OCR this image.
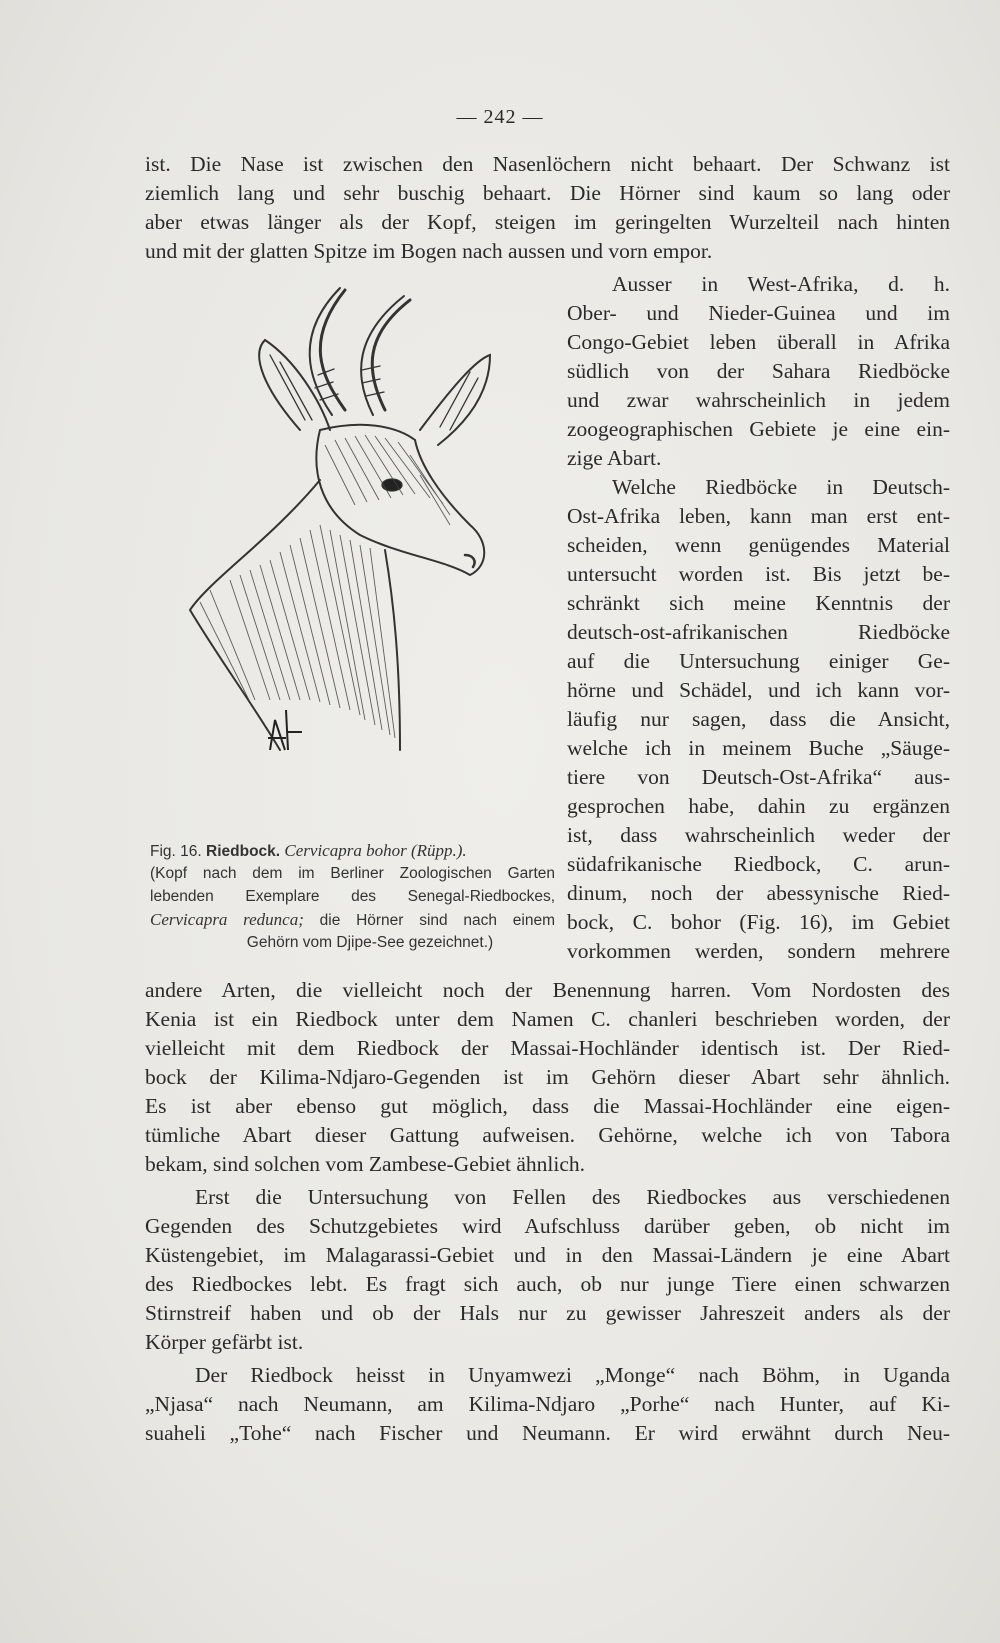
— 242 —
ist. Die Nase ist zwischen den Nasenlöchern nicht behaart. Der Schwanz ist
ziemlich lang und sehr buschig behaart. Die Hörner sind kaum so lang oder
aber etwas länger als der Kopf, steigen im geringelten Wurzelteil nach hinten
und mit der glatten Spitze im Bogen nach aussen und vorn empor.
Ausser in West-Afrika, d. h.
Ober- und Nieder-Guinea und im
Congo-Gebiet leben überall in Afrika
südlich von der Sahara Riedböcke
und zwar wahrscheinlich in jedem
zoogeographischen Gebiete je eine ein-
zige Abart.
Welche Riedböcke in Deutsch-
Ost-Afrika leben, kann man erst ent-
scheiden, wenn genügendes Material
untersucht worden ist. Bis jetzt be-
schränkt sich meine Kenntnis der
deutsch-ost-afrikanischen Riedböcke
auf die Untersuchung einiger Ge-
hörne und Schädel, und ich kann vor-
läufig nur sagen, dass die Ansicht,
welche ich in meinem Buche „Säuge-
tiere von Deutsch-Ost-Afrika“ aus-
gesprochen habe, dahin zu ergänzen
ist, dass wahrscheinlich weder der
südafrikanische Riedbock, C. arun-
dinum, noch der abessynische Ried-
bock, C. bohor (Fig. 16), im Gebiet
vorkommen werden, sondern mehrere
Fig. 16. Riedbock. Cervicapra bohor (Rüpp.).
(Kopf nach dem im Berliner Zoologischen Garten
lebenden Exemplare des Senegal-Riedbockes,
Cervicapra redunca; die Hörner sind nach einem
Gehörn vom Djipe-See gezeichnet.)
andere Arten, die vielleicht noch der Benennung harren. Vom Nordosten des
Kenia ist ein Riedbock unter dem Namen C. chanleri beschrieben worden, der
vielleicht mit dem Riedbock der Massai-Hochländer identisch ist. Der Ried-
bock der Kilima-Ndjaro-Gegenden ist im Gehörn dieser Abart sehr ähnlich.
Es ist aber ebenso gut möglich, dass die Massai-Hochländer eine eigen-
tümliche Abart dieser Gattung aufweisen. Gehörne, welche ich von Tabora
bekam, sind solchen vom Zambese-Gebiet ähnlich.
Erst die Untersuchung von Fellen des Riedbockes aus verschiedenen
Gegenden des Schutzgebietes wird Aufschluss darüber geben, ob nicht im
Küstengebiet, im Malagarassi-Gebiet und in den Massai-Ländern je eine Abart
des Riedbockes lebt. Es fragt sich auch, ob nur junge Tiere einen schwarzen
Stirnstreif haben und ob der Hals nur zu gewisser Jahreszeit anders als der
Körper gefärbt ist.
Der Riedbock heisst in Unyamwezi „Monge“ nach Böhm, in Uganda
„Njasa“ nach Neumann, am Kilima-Ndjaro „Porhe“ nach Hunter, auf Ki-
suaheli „Tohe“ nach Fischer und Neumann. Er wird erwähnt durch Neu-
